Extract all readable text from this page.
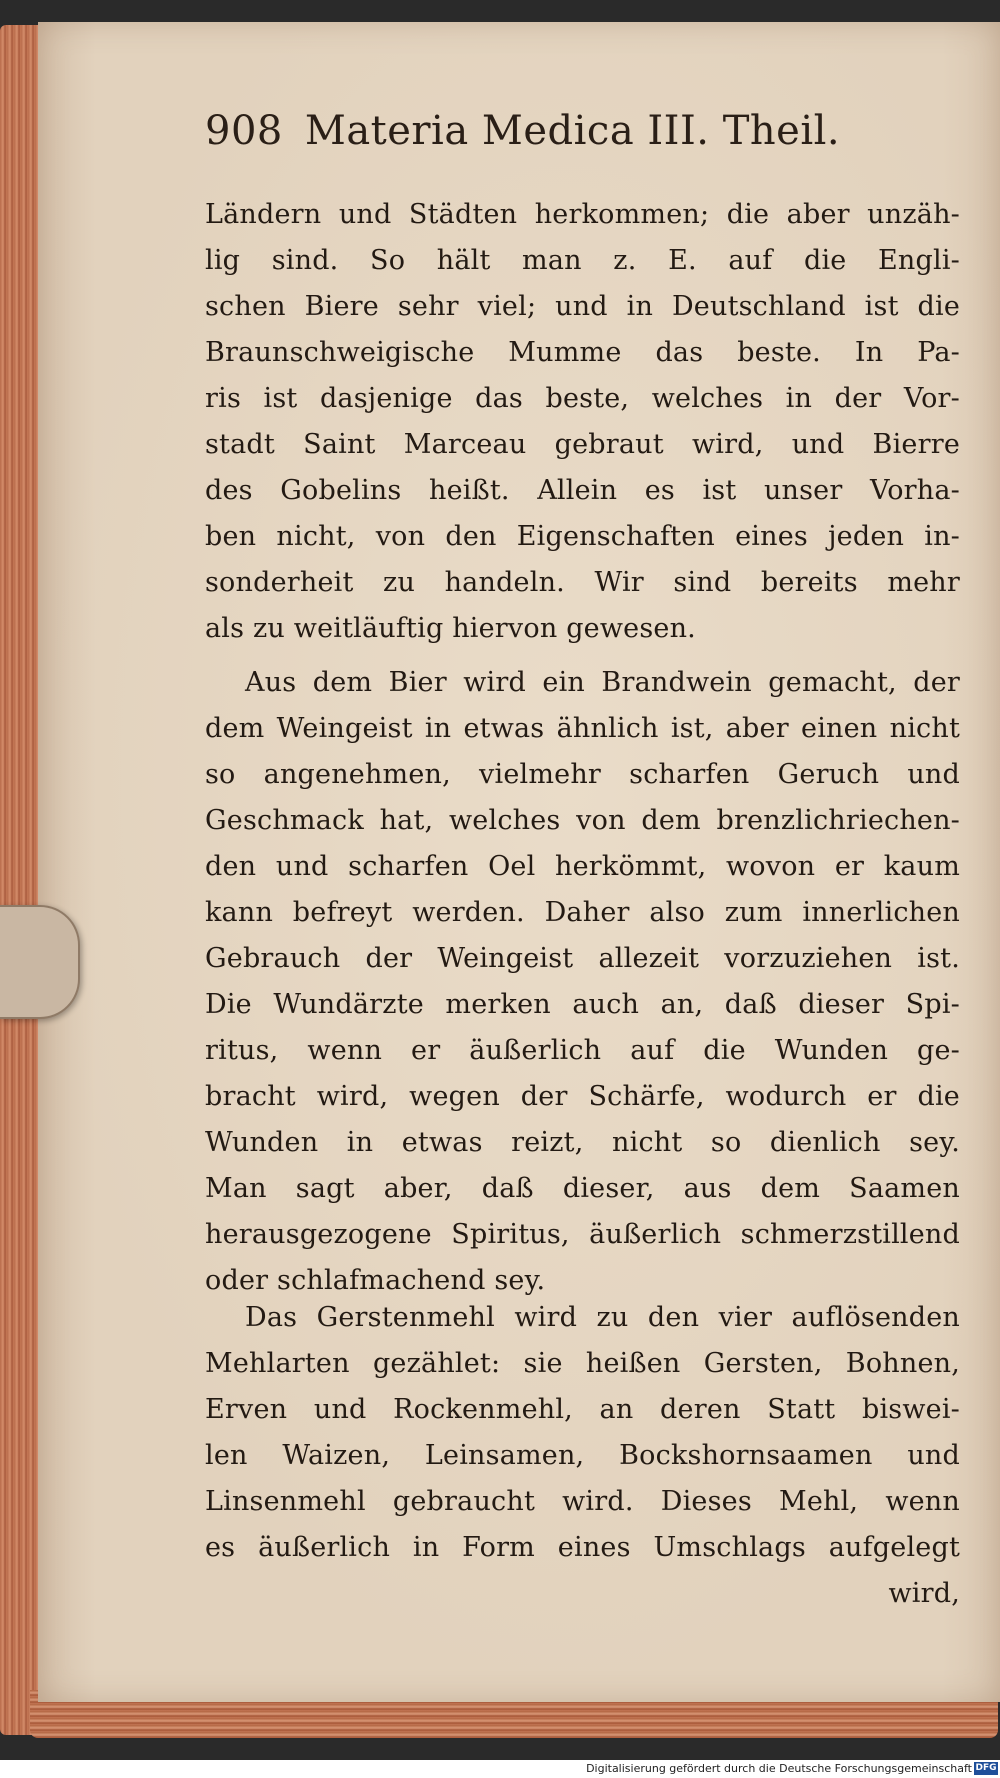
908 Materia Medica III. Theil.
Ländern und Städten herkommen; die aber unzäh-
lig sind. So hält man z. E. auf die Engli-
schen Biere sehr viel; und in Deutschland ist die
Braunschweigische Mumme das beste. In Pa-
ris ist dasjenige das beste, welches in der Vor-
stadt Saint Marceau gebraut wird, und Bierre
des Gobelins heißt. Allein es ist unser Vorha-
ben nicht, von den Eigenschaften eines jeden in-
sonderheit zu handeln. Wir sind bereits mehr
als zu weitläuftig hiervon gewesen.
Aus dem Bier wird ein Brandwein gemacht, der
dem Weingeist in etwas ähnlich ist, aber einen nicht
so angenehmen, vielmehr scharfen Geruch und
Geschmack hat, welches von dem brenzlichriechen-
den und scharfen Oel herkömmt, wovon er kaum
kann befreyt werden. Daher also zum innerlichen
Gebrauch der Weingeist allezeit vorzuziehen ist.
Die Wundärzte merken auch an, daß dieser Spi-
ritus, wenn er äußerlich auf die Wunden ge-
bracht wird, wegen der Schärfe, wodurch er die
Wunden in etwas reizt, nicht so dienlich sey.
Man sagt aber, daß dieser, aus dem Saamen
herausgezogene Spiritus, äußerlich schmerzstillend
oder schlafmachend sey.
Das Gerstenmehl wird zu den vier auflösenden
Mehlarten gezählet: sie heißen Gersten, Bohnen,
Erven und Rockenmehl, an deren Statt biswei-
len Waizen, Leinsamen, Bockshornsaamen und
Linsenmehl gebraucht wird. Dieses Mehl, wenn
es äußerlich in Form eines Umschlags aufgelegt
wird,
Digitalisierung gefördert durch die Deutsche Forschungsgemeinschaft DFG
